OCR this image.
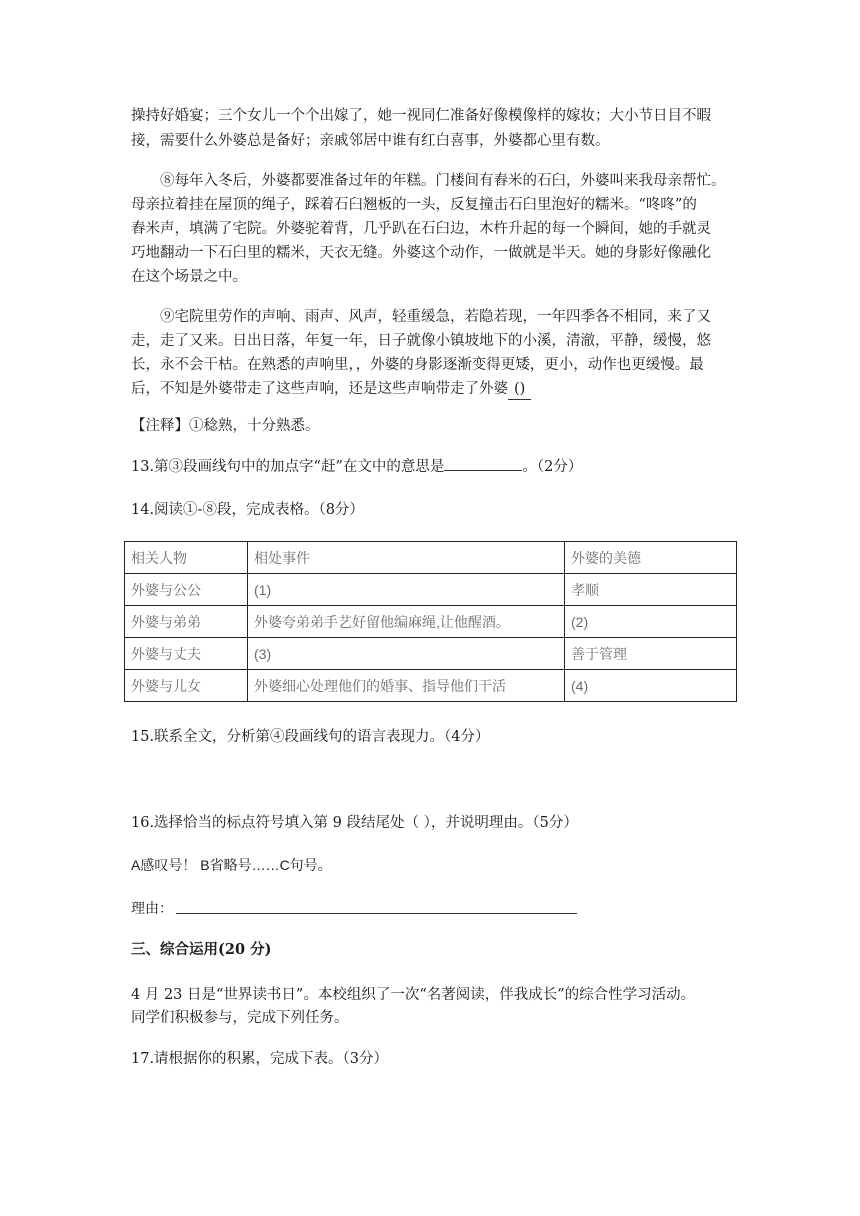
操持好婚宴；三个女儿一个个出嫁了，她一视同仁准备好像模像样的嫁妆；大小节日目不暇
接，需要什么外婆总是备好；亲戚邻居中谁有红白喜事，外婆都心里有数。
⑧每年入冬后，外婆都要准备过年的年糕。门楼间有舂米的石臼，外婆叫来我母亲帮忙。
母亲拉着挂在屋顶的绳子，踩着石臼翘板的一头，反复撞击石臼里泡好的糯米。“咚咚”的
舂米声，填满了宅院。外婆驼着背，几乎趴在石臼边，木杵升起的每一个瞬间，她的手就灵
巧地翻动一下石臼里的糯米，天衣无缝。外婆这个动作，一做就是半天。她的身影好像融化
在这个场景之中。
⑨宅院里劳作的声响、雨声、风声，轻重缓急，若隐若现，一年四季各不相同，来了又
走，走了又来。日出日落，年复一年，日子就像小镇坡地下的小溪，清澈，平静，缓慢，悠
长，永不会干枯。在熟悉的声响里，，外婆的身影逐渐变得更矮，更小，动作也更缓慢。最
后，不知是外婆带走了这些声响，还是这些声响带走了外婆 ()
【注释】①稔熟，十分熟悉。
13.第③段画线句中的加点字“赶”在文中的意思是	。（2分）
14.阅读①-⑧段，完成表格。（8分）
相关人物	相处事件	外婆的美德
外婆与公公	(1)	孝顺
外婆与弟弟	外婆夸弟弟手艺好留他编麻绳,让他醒酒。	(2)
外婆与丈夫	(3)	善于管理
外婆与儿女	外婆细心处理他们的婚事、指导他们干活	(4)
15.联系全文，分析第④段画线句的语言表现力。（4分）
16.选择恰当的标点符号填入第 9 段结尾处（ ），并说明理由。（5分）
A感叹号！ B省略号……C句号。
理由：
三、综合运用(20 分)
4 月 23 日是“世界读书日”。本校组织了一次“名著阅读，伴我成长”的综合性学习活动。
同学们积极参与，完成下列任务。
17.请根据你的积累，完成下表。（3分）
